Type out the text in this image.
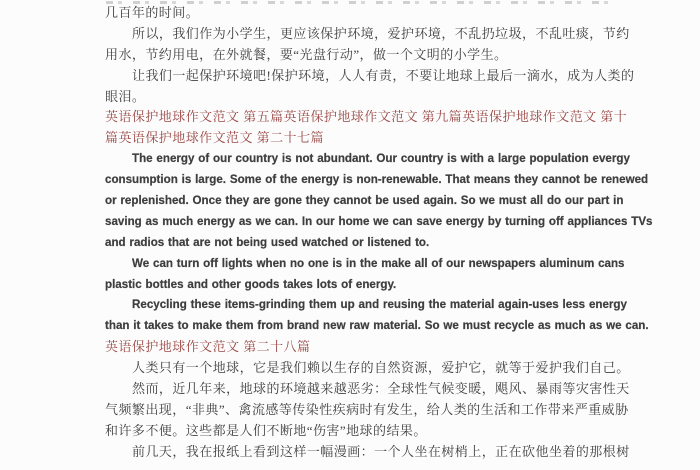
几百年的时间。
所以，我们作为小学生，更应该保护环境，爱护环境，不乱扔垃圾，不乱吐痰，节约
用水，节约用电，在外就餐，要“光盘行动”，做一个文明的小学生。
让我们一起保护环境吧!保护环境，人人有责，不要让地球上最后一滴水，成为人类的
眼泪。
英语保护地球作文范文 第五篇英语保护地球作文范文 第九篇英语保护地球作文范文 第十
篇英语保护地球作文范文 第二十七篇
The energy of our country is not abundant. Our country is with a large population evergy
consumption is large. Some of the energy is non-renewable. That means they cannot be renewed
or replenished. Once they are gone they cannot be used again. So we must all do our part in
saving as much energy as we can. In our home we can save energy by turning off appliances TVs
and radios that are not being used watched or listened to.
We can turn off lights when no one is in the make all of our newspapers aluminum cans
plastic bottles and other goods takes lots of energy.
Recycling these items-grinding them up and reusing the material again-uses less energy
than it takes to make them from brand new raw material. So we must recycle as much as we can.
英语保护地球作文范文 第二十八篇
人类只有一个地球，它是我们赖以生存的自然资源，爱护它，就等于爱护我们自己。
然而，近几年来，地球的环境越来越恶劣：全球性气候变暖，飓风、暴雨等灾害性天
气频繁出现，“非典”、禽流感等传染性疾病时有发生，给人类的生活和工作带来严重威胁
和许多不便。这些都是人们不断地“伤害”地球的结果。
前几天，我在报纸上看到这样一幅漫画：一个人坐在树梢上，正在砍他坐着的那根树
